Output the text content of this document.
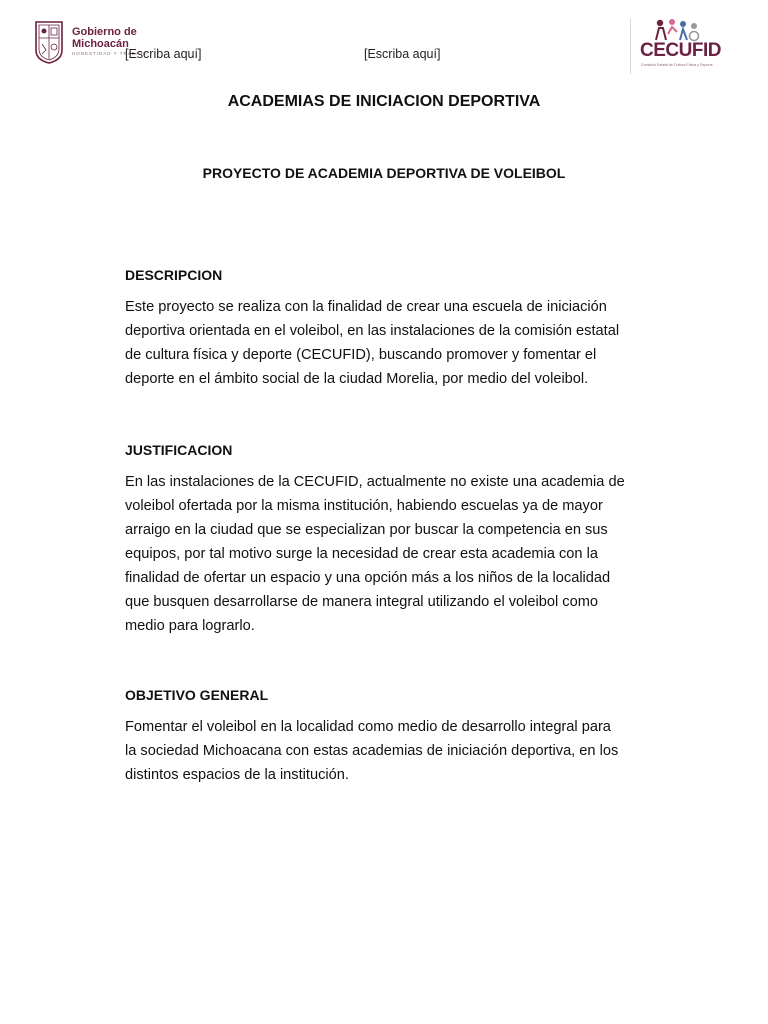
Gobierno de
Michoacán
HONESTIDAD Y TRABAJO
[Escriba aquí]	[Escriba aquí]	CECUFID
Comisión Estatal de Cultura Física y Deporte
ACADEMIAS DE INICIACION DEPORTIVA
PROYECTO DE ACADEMIA DEPORTIVA DE VOLEIBOL
DESCRIPCION
Este proyecto se realiza con la finalidad de crear una escuela de iniciación
deportiva orientada en el voleibol, en las instalaciones de la comisión estatal
de cultura física y deporte (CECUFID), buscando promover y fomentar el
deporte en el ámbito social de la ciudad Morelia, por medio del voleibol.
JUSTIFICACION
En las instalaciones de la CECUFID, actualmente no existe una academia de
voleibol ofertada por la misma institución, habiendo escuelas ya de mayor
arraigo en la ciudad que se especializan por buscar la competencia en sus
equipos, por tal motivo surge la necesidad de crear esta academia con la
finalidad de ofertar un espacio y una opción más a los niños de la localidad
que busquen desarrollarse de manera integral utilizando el voleibol como
medio para lograrlo.
OBJETIVO GENERAL
Fomentar el voleibol en la localidad como medio de desarrollo integral para
la sociedad Michoacana con estas academias de iniciación deportiva, en los
distintos espacios de la institución.
